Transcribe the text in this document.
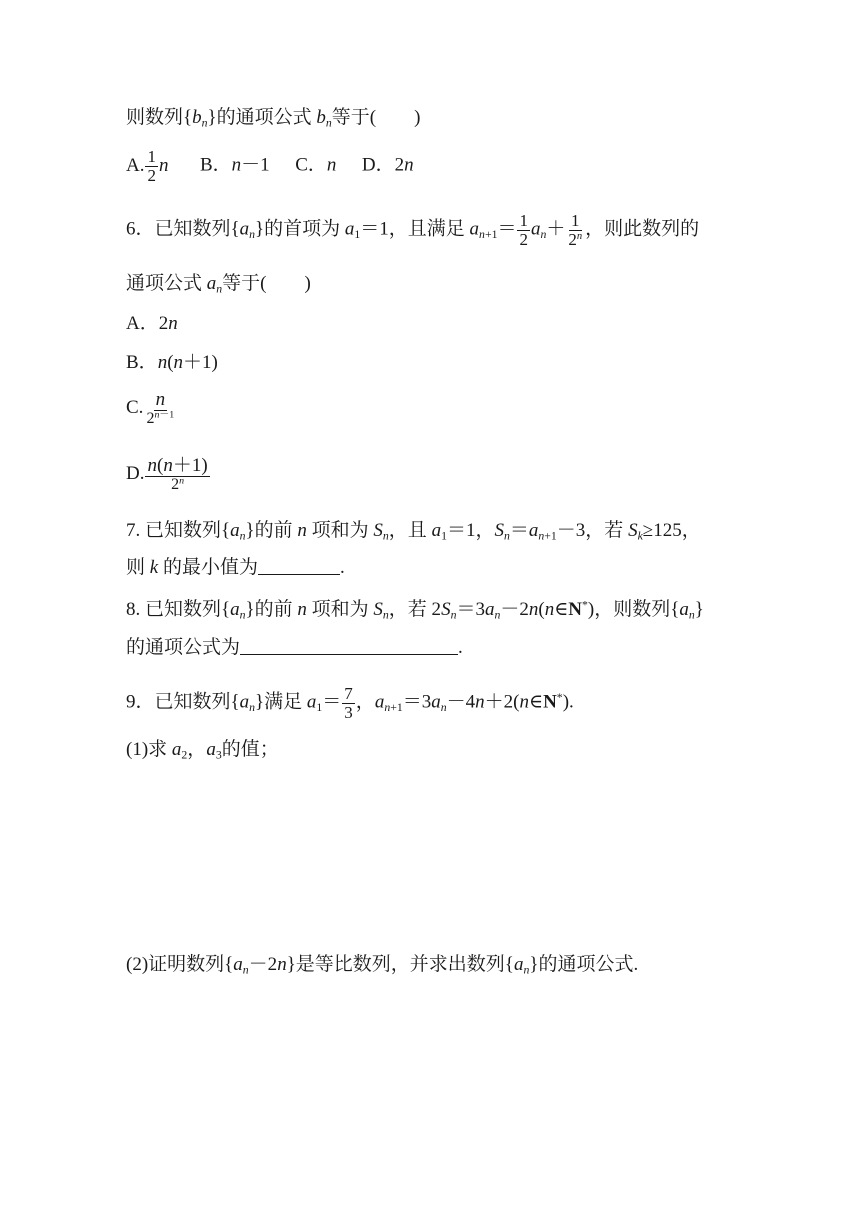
则数列$\{b_n\}$的通项公式 $b_n$等于(　　)
A. $\frac{1}{2}$ n B．n－1 C．n D．2n
6．已知数列$\{a_n\}$的首项为 $a_1=1$，且满足 $a_{n+1}= \frac{1}{2} a_n+ \frac{1}{2^n}$ ，则此数列的
通项公式 $a_n$等于(　　)
A．2n
B．n(n＋1)
C. $\frac{n}{2^{n-1}}$
D. $\frac{n(n+1)}{2^n}$
7. 已知数列$\{a_n\}$的前 n 项和为 $S_n$，且 $a_1=1$，$S_n=a_{n+1}-3$，若 $S_k\ge 125$，
则 k 的最小值为	.
8. 已知数列$\{a_n\}$的前 n 项和为 $S_n$，若 $2S_n=3a_n-2n(n\in N^*)$，则数列$\{a_n\}$
的通项公式为	.
9．已知数列$\{a_n\}$满足 $a_1= \frac{7}{3}$ ，$a_{n+1}=3a_n-4n+2(n\in N^*)$.
(1)求 $a_2$，$a_3$的值；
(2)证明数列$\{a_n-2n\}$是等比数列，并求出数列$\{a_n\}$的通项公式.
